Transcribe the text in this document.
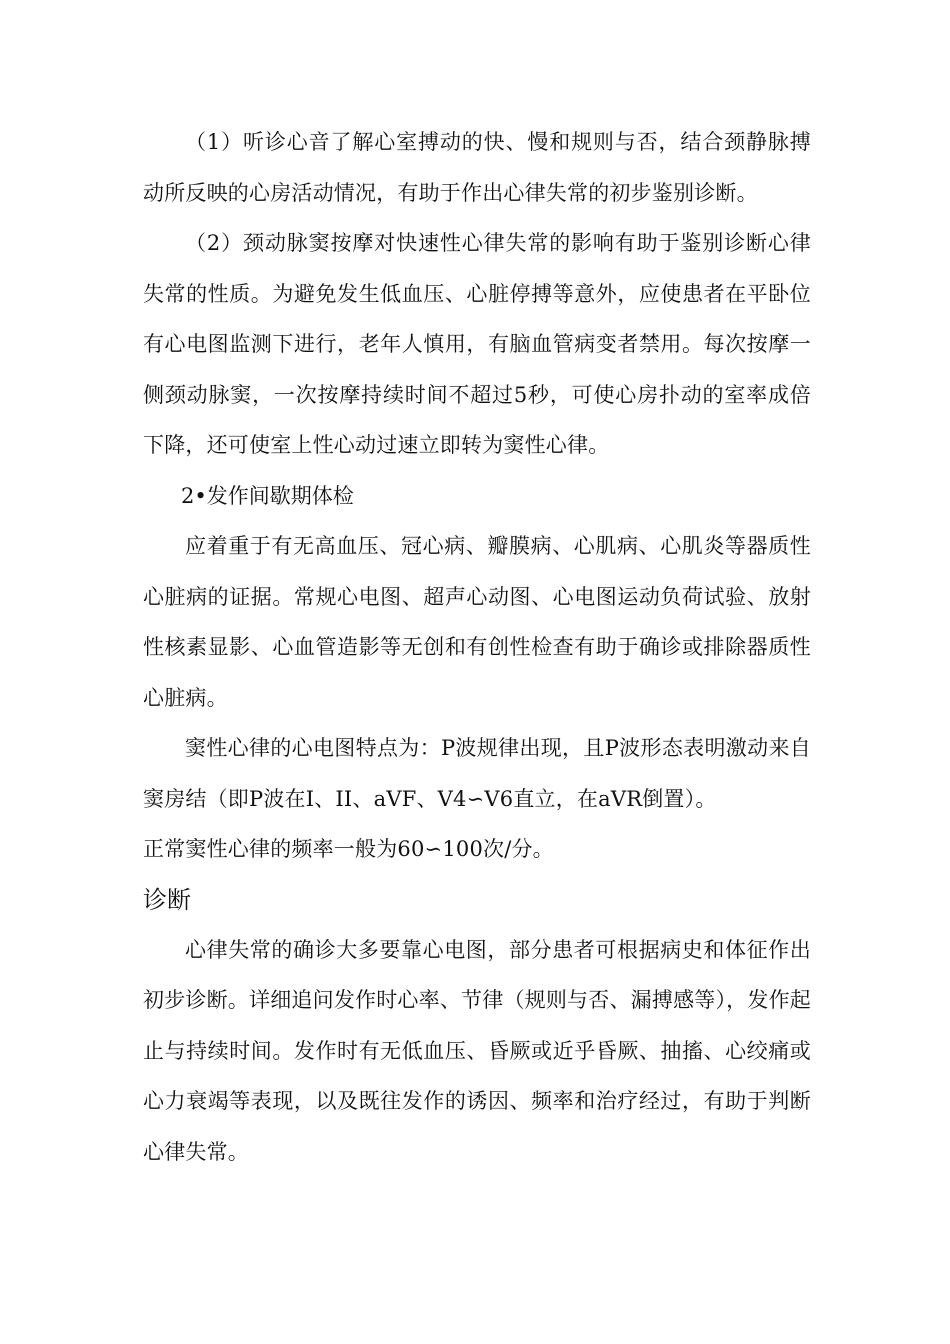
（1）听诊心音了解心室搏动的快、慢和规则与否，结合颈静脉搏动所反映的心房活动情况，有助于作出心律失常的初步鉴别诊断。

（2）颈动脉窦按摩对快速性心律失常的影响有助于鉴别诊断心律失常的性质。为避免发生低血压、心脏停搏等意外，应使患者在平卧位有心电图监测下进行，老年人慎用，有脑血管病变者禁用。每次按摩一侧颈动脉窦，一次按摩持续时间不超过5秒，可使心房扑动的室率成倍下降，还可使室上性心动过速立即转为窦性心律。

2•发作间歇期体检

应着重于有无高血压、冠心病、瓣膜病、心肌病、心肌炎等器质性心脏病的证据。常规心电图、超声心动图、心电图运动负荷试验、放射性核素显影、心血管造影等无创和有创性检查有助于确诊或排除器质性心脏病。

窦性心律的心电图特点为：P波规律出现，且P波形态表明激动来自窦房结（即P波在Ⅰ、II、aVF、V4∽V6直立，在aVR倒置）。

正常窦性心律的频率一般为60∽100次/分。

诊断

心律失常的确诊大多要靠心电图，部分患者可根据病史和体征作出初步诊断。详细追问发作时心率、节律（规则与否、漏搏感等），发作起止与持续时间。发作时有无低血压、昏厥或近乎昏厥、抽搐、心绞痛或心力衰竭等表现，以及既往发作的诱因、频率和治疗经过，有助于判断心律失常。
